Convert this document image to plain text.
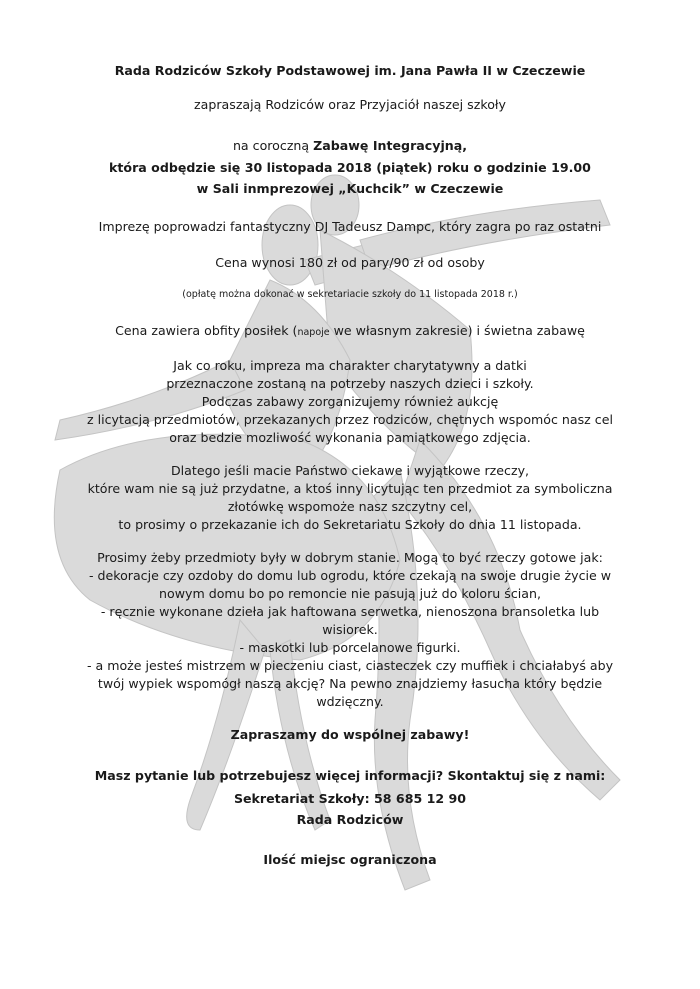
Rada Rodziców Szkoły Podstawowej im. Jana Pawła II w Czeczewie
zapraszają Rodziców oraz Przyjaciół naszej szkoły
na coroczną Zabawę Integracyjną,
która odbędzie się 30 listopada 2018 (piątek) roku o godzinie 19.00
w Sali inmprezowej „Kuchcik” w Czeczewie
Imprezę poprowadzi fantastyczny DJ Tadeusz Dampc, który zagra po raz ostatni
Cena wynosi 180 zł od pary/90 zł od osoby
(opłatę można dokonać w sekretariacie szkoły do 11 listopada 2018 r.)
Cena zawiera obfity posiłek (napoje we własnym zakresie) i świetna zabawę
Jak co roku, impreza ma charakter charytatywny a datki
przeznaczone zostaną na potrzeby naszych dzieci i szkoły.
Podczas zabawy zorganizujemy również aukcję
z licytacją przedmiotów, przekazanych przez rodziców, chętnych wspomóc nasz cel
oraz bedzie mozliwość wykonania pamiątkowego zdjęcia.
Dlatego jeśli macie Państwo ciekawe i wyjątkowe rzeczy,
które wam nie są już przydatne, a ktoś inny licytując ten przedmiot za symboliczna
złotówkę wspomoże nasz szczytny cel,
to prosimy o przekazanie ich do Sekretariatu Szkoły do dnia 11 listopada.
Prosimy żeby przedmioty były w dobrym stanie. Mogą to być rzeczy gotowe jak:
- dekoracje czy ozdoby do domu lub ogrodu, które czekają na swoje drugie życie w
nowym domu bo po remoncie nie pasują już do koloru ścian,
- ręcznie wykonane dzieła jak haftowana serwetka, nienoszona bransoletka lub
wisiorek.
- maskotki lub porcelanowe figurki.
- a może jesteś mistrzem w pieczeniu ciast, ciasteczek czy muffiek i chciałabyś aby
twój wypiek wspomógł naszą akcję? Na pewno znajdziemy łasucha który będzie
wdzięczny.
Zapraszamy do wspólnej zabawy!
Masz pytanie lub potrzebujesz więcej informacji? Skontaktuj się z nami:
Sekretariat Szkoły: 58 685 12 90
Rada Rodziców
Ilość miejsc ograniczona
